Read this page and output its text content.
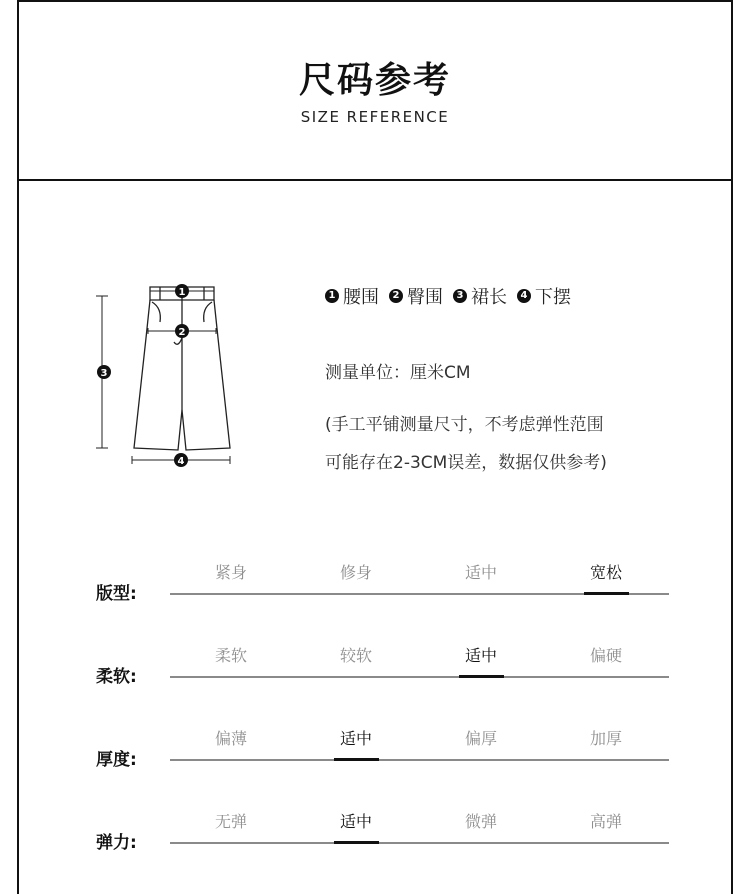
尺码参考
SIZE REFERENCE
1
2
3
4
1 腰围	2 臀围	3 裙长	4 下摆
测量单位：厘米CM
(手工平铺测量尺寸，不考虑弹性范围
可能存在2-3CM误差，数据仅供参考)
版型:
紧身	修身	适中	宽松
柔软:
柔软	较软	适中	偏硬
厚度:
偏薄	适中	偏厚	加厚
弹力:
无弹	适中	微弹	高弹
